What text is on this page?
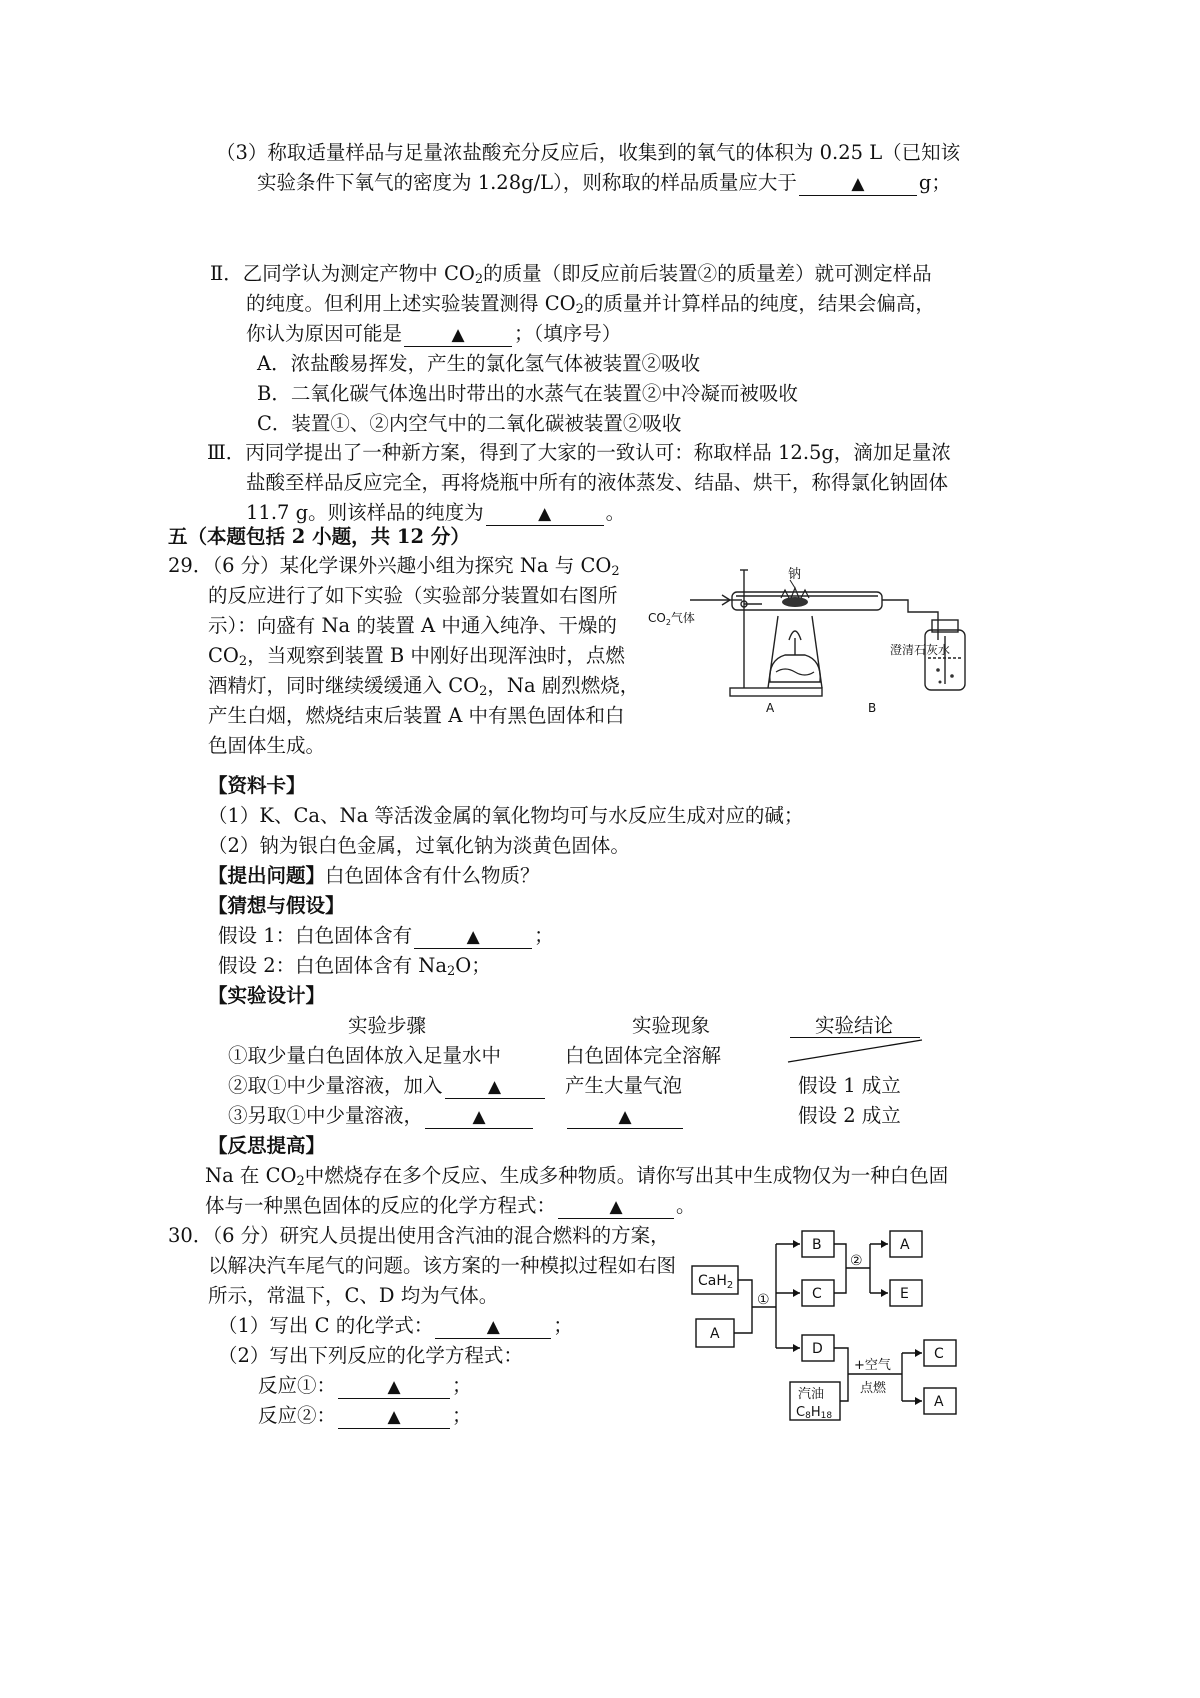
（3）称取适量样品与足量浓盐酸充分反应后，收集到的氧气的体积为 0.25 L（已知该
实验条件下氧气的密度为 1.28g/L），则称取的样品质量应大于	▲	g；
Ⅱ．乙同学认为测定产物中 $CO_2$的质量（即反应前后装置②的质量差）就可测定样品
的纯度。但利用上述实验装置测得 $CO_2$的质量并计算样品的纯度，结果会偏高，
你认为原因可能是	▲	；（填序号）
A．浓盐酸易挥发，产生的氯化氢气体被装置②吸收
B．二氧化碳气体逸出时带出的水蒸气在装置②中冷凝而被吸收
C．装置①、②内空气中的二氧化碳被装置②吸收
Ⅲ．丙同学提出了一种新方案，得到了大家的一致认可：称取样品 12.5g，滴加足量浓
盐酸至样品反应完全，再将烧瓶中所有的液体蒸发、结晶、烘干，称得氯化钠固体
11.7 g。则该样品的纯度为	▲	。
五（本题包括 2 小题，共 12 分）
29．（6 分）某化学课外兴趣小组为探究 Na 与 $CO_2$
的反应进行了如下实验（实验部分装置如右图所
示）：向盛有 Na 的装置 A 中通入纯净、干燥的
$CO_2$，当观察到装置 B 中刚好出现浑浊时，点燃
酒精灯，同时继续缓缓通入 $CO_2$，Na 剧烈燃烧，
产生白烟，燃烧结束后装置 A 中有黑色固体和白
色固体生成。
钠
$CO_2$气体
澄清石灰水
A	B
【资料卡】
（1）K、Ca、Na 等活泼金属的氧化物均可与水反应生成对应的碱；
（2）钠为银白色金属，过氧化钠为淡黄色固体。
【提出问题】白色固体含有什么物质？
【猜想与假设】
假设 1：白色固体含有	▲	；
假设 2：白色固体含有 $Na_2O$；
【实验设计】
实验步骤	实验现象	实验结论
①取少量白色固体放入足量水中	白色固体完全溶解
②取①中少量溶液，加入	▲	产生大量气泡	假设 1 成立
③另取①中少量溶液，	▲	▲	假设 2 成立
【反思提高】
Na 在 $CO_2$中燃烧存在多个反应、生成多种物质。请你写出其中生成物仅为一种白色固
体与一种黑色固体的反应的化学方程式：	▲	。
30．（6 分）研究人员提出使用含汽油的混合燃料的方案，
以解决汽车尾气的问题。该方案的一种模拟过程如右图
所示，常温下，C、D 均为气体。
（1）写出 C 的化学式：	▲	；
（2）写出下列反应的化学方程式：
反应①：	▲	；
反应②：	▲	；
CaH$_2$
A
B
C
D
A
E
C
A
①
②
+空气
点燃
汽油
C8H18
